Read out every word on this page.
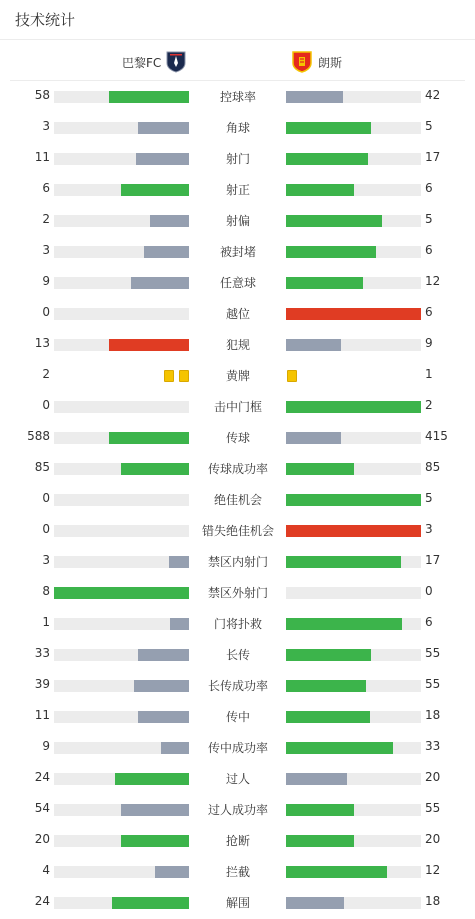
技术统计
巴黎FC	朗斯
58	控球率	42
3	角球	5
11	射门	17
6	射正	6
2	射偏	5
3	被封堵	6
9	任意球	12
0	越位	6
13	犯规	9
2	黄牌	1
0	击中门框	2
588	传球	415
85	传球成功率	85
0	绝佳机会	5
0	错失绝佳机会	3
3	禁区内射门	17
8	禁区外射门	0
1	门将扑救	6
33	长传	55
39	长传成功率	55
11	传中	18
9	传中成功率	33
24	过人	20
54	过人成功率	55
20	抢断	20
4	拦截	12
24	解围	18
